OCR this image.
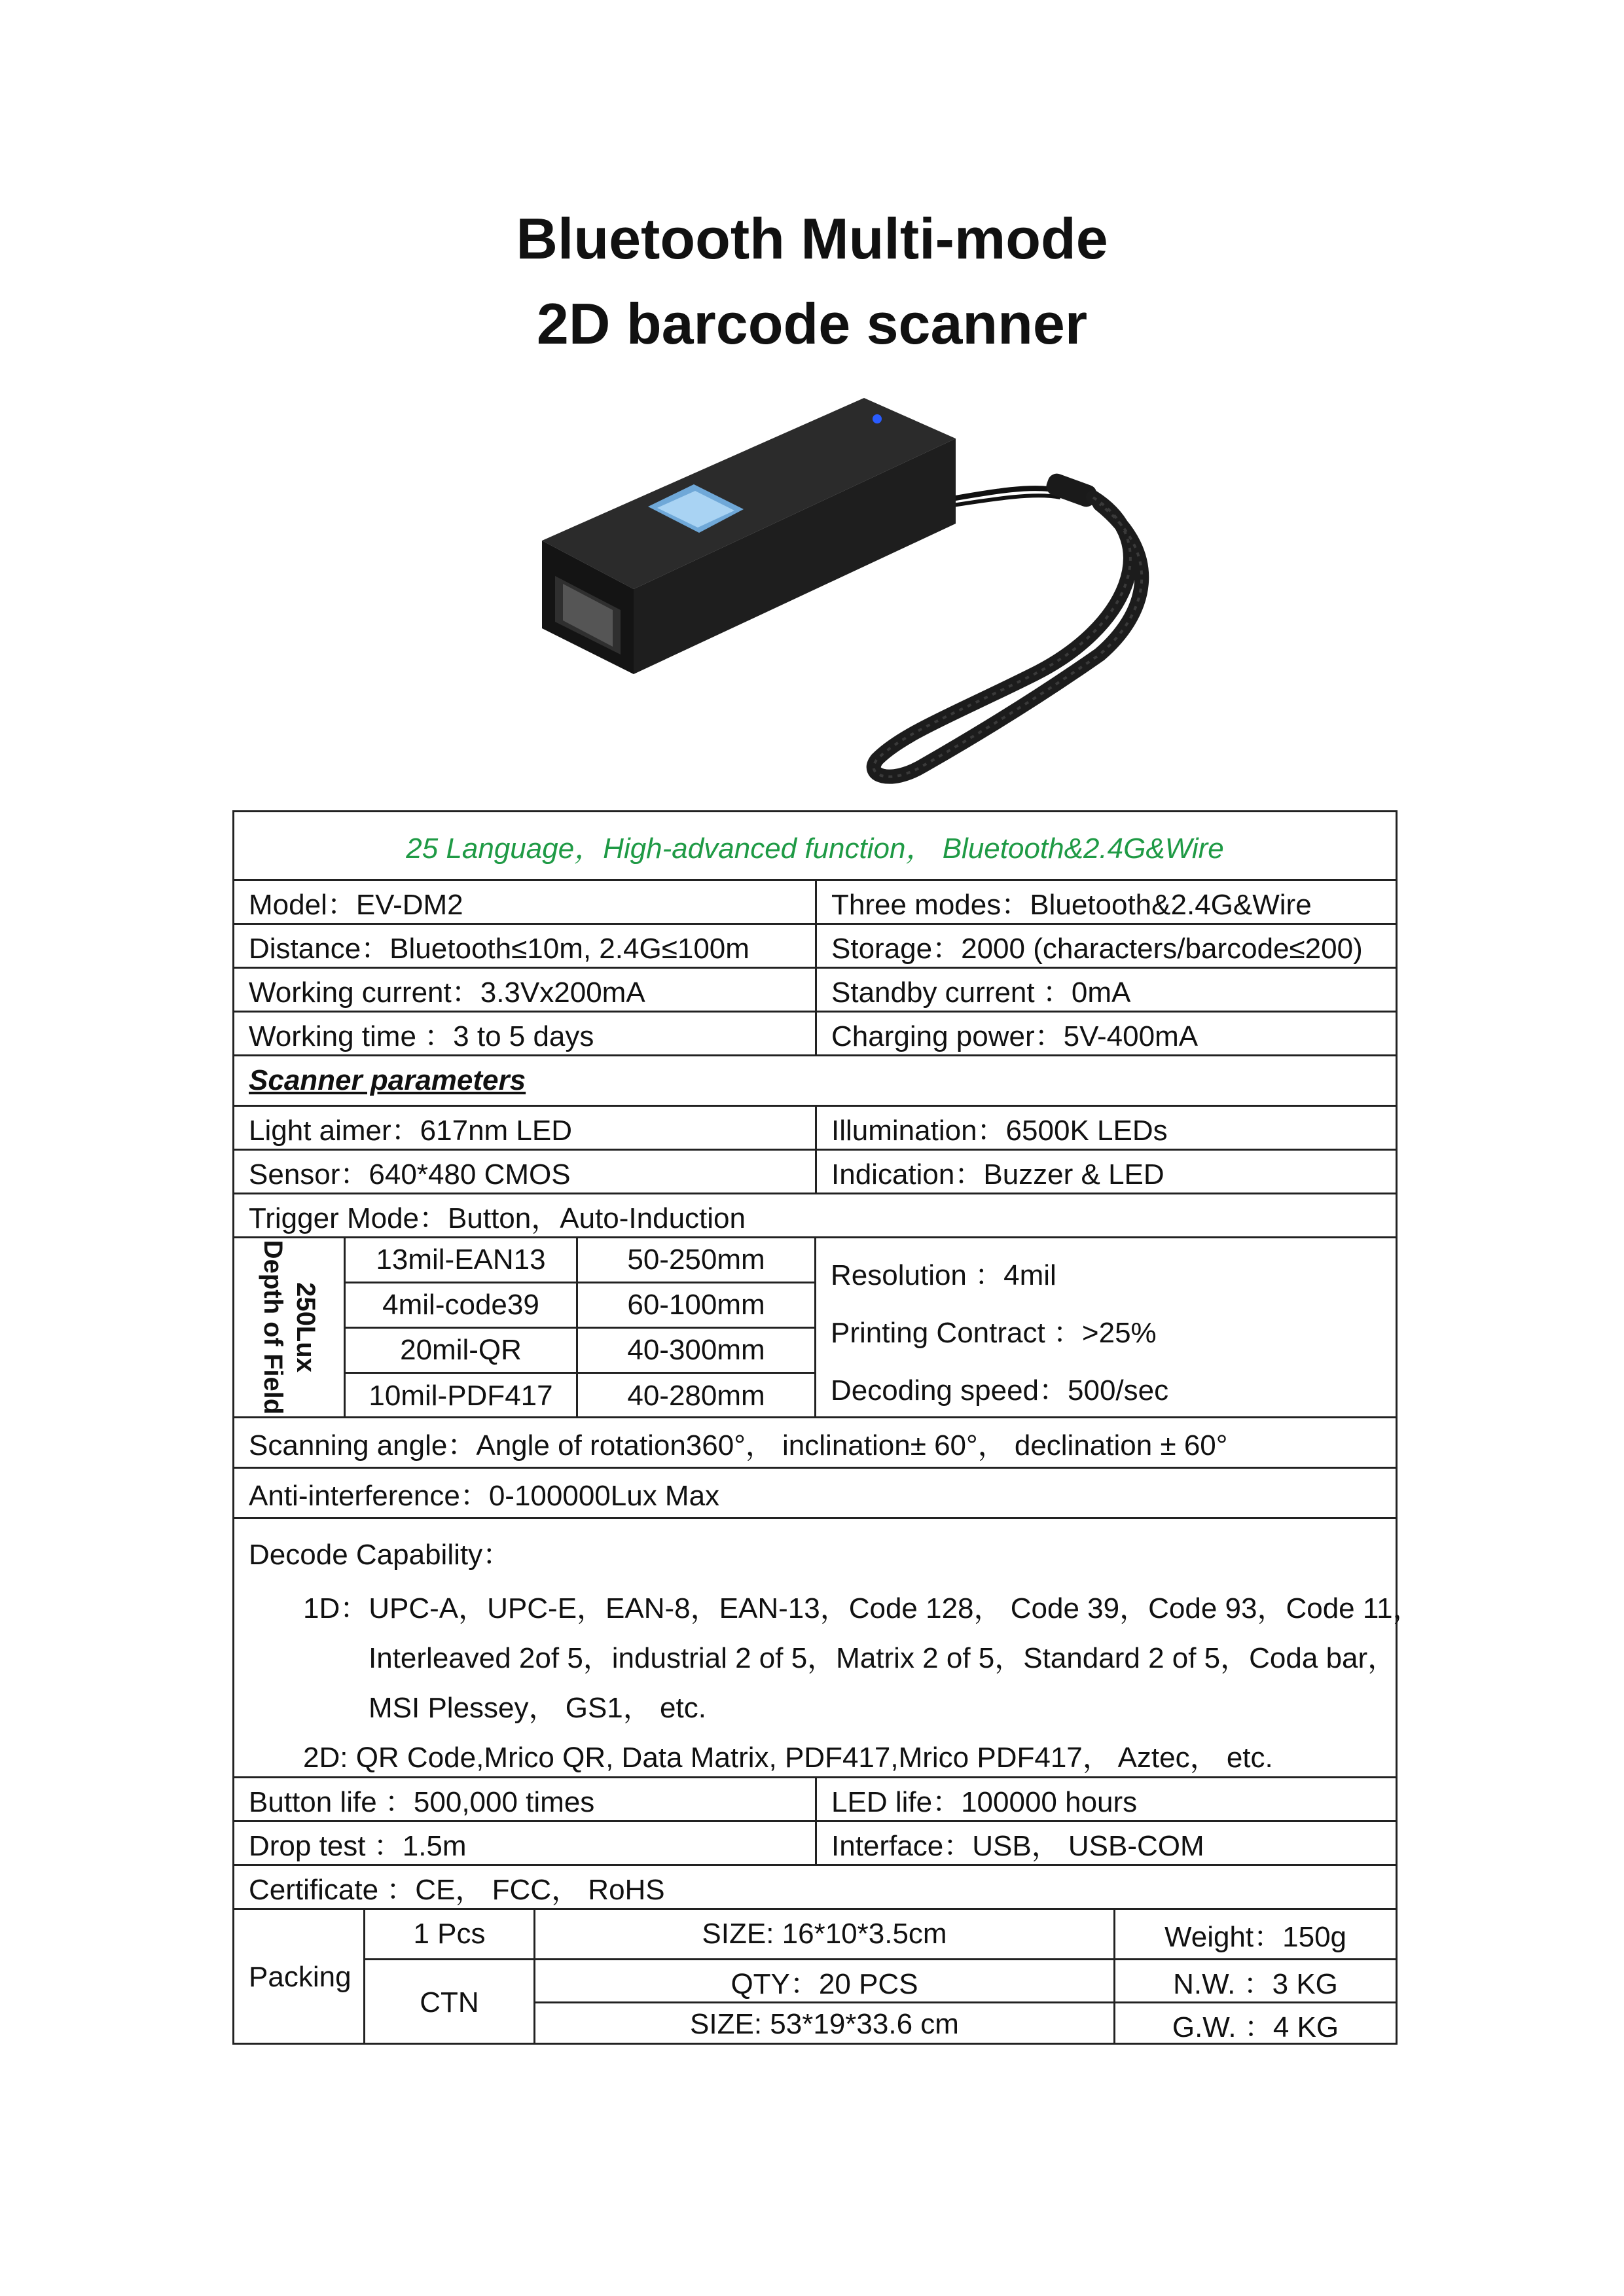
Bluetooth Multi-mode
2D barcode scanner
25 Language，High-advanced function， Bluetooth&2.4G&Wire
Model：EV-DM2	Three modes：Bluetooth&2.4G&Wire
Distance：Bluetooth≤10m, 2.4G≤100m	Storage：2000 (characters/barcode≤200)
Working current：3.3Vx200mA	Standby current ：0mA
Working time ：3 to 5 days	Charging power：5V-400mA
Scanner parameters
Light aimer：617nm LED	Illumination：6500K LEDs
Sensor：640*480 CMOS	Indication：Buzzer & LED
Trigger Mode：Button，Auto-Induction
250Lux
Depth of Field	13mil-EAN13	50-250mm
4mil-code39	60-100mm
20mil-QR	40-300mm
10mil-PDF417	40-280mm
Resolution ：4mil
Printing Contract ：>25%
Decoding speed：500/sec
Scanning angle：Angle of rotation360°， inclination± 60°， declination ± 60°
Anti-interference：0-100000Lux Max
Decode Capability：
1D：UPC-A，UPC-E，EAN-8，EAN-13，Code 128， Code 39，Code 93，Code 11，
Interleaved 2of 5，industrial 2 of 5，Matrix 2 of 5，Standard 2 of 5，Coda bar，
MSI Plessey， GS1， etc.
2D: QR Code,Mrico QR, Data Matrix, PDF417,Mrico PDF417， Aztec， etc.
Button life ：500,000 times	LED life：100000 hours
Drop test ：1.5m	Interface：USB， USB-COM
Certificate ：CE， FCC， RoHS
Packing
1 Pcs	SIZE: 16*10*3.5cm	Weight：150g
CTN
QTY：20 PCS	N.W. ：3 KG
SIZE: 53*19*33.6 cm	G.W. ：4 KG
